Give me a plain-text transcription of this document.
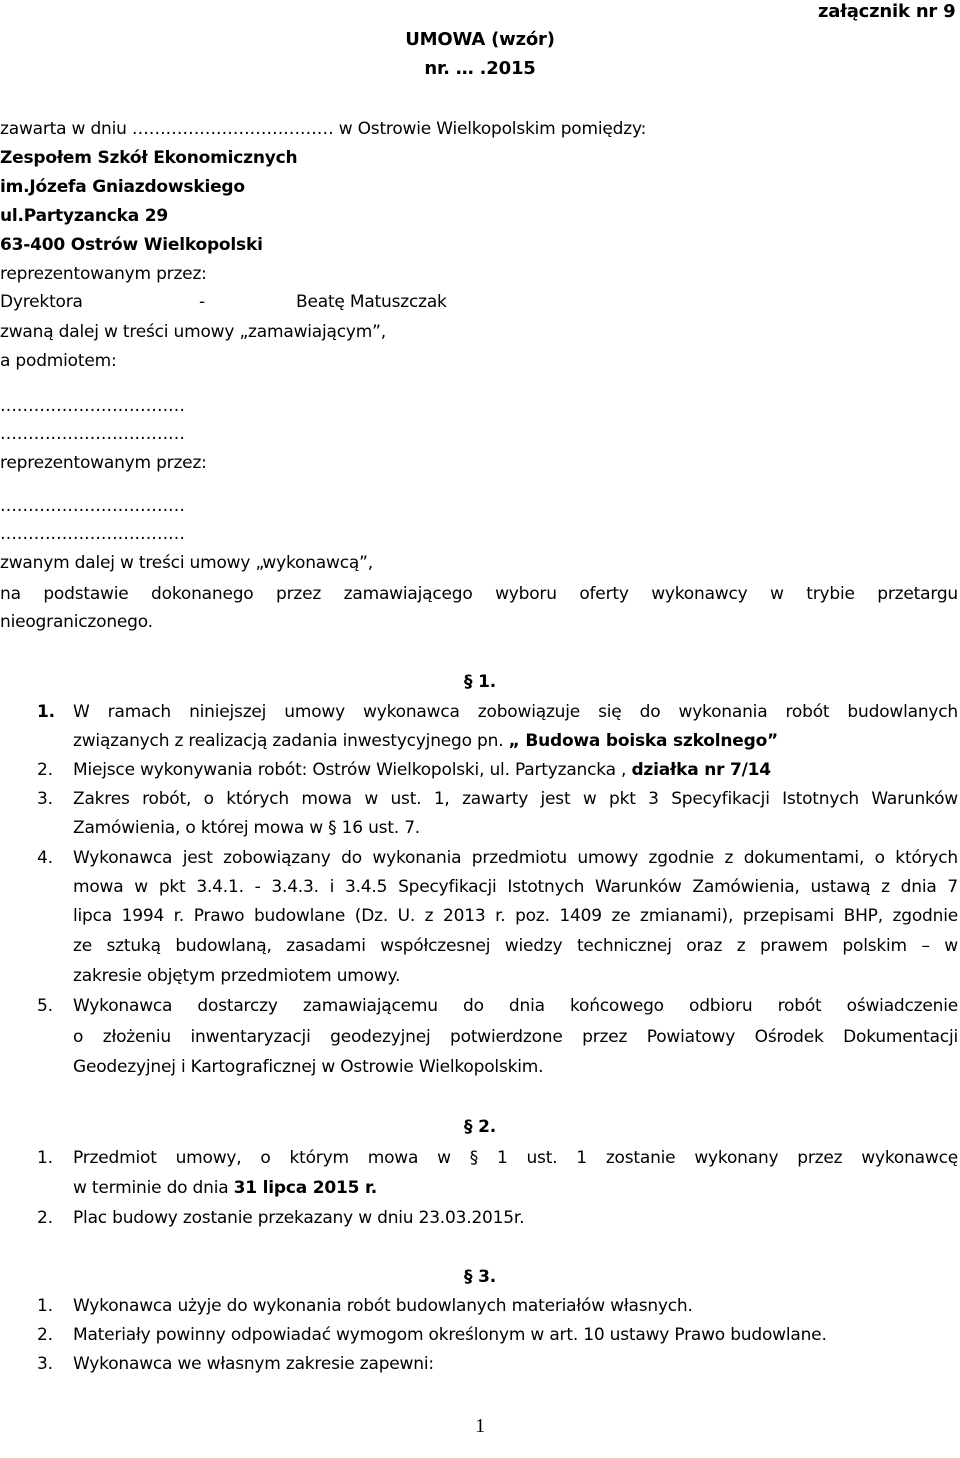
załącznik nr 9
UMOWA (wzór)
nr. … .2015
zawarta w dniu ……………………………… w Ostrowie Wielkopolskim pomiędzy:
Zespołem Szkół Ekonomicznych
im.Józefa Gniazdowskiego
ul.Partyzancka 29
63-400 Ostrów Wielkopolski
reprezentowanym przez:
Dyrektora	-	Beatę Matuszczak
zwaną dalej w treści umowy „zamawiającym”,
a podmiotem:
……………………………
……………………………
reprezentowanym przez:
……………………………
……………………………
zwanym dalej w treści umowy „wykonawcą”,
na podstawie dokonanego przez zamawiającego wyboru oferty wykonawcy w trybie przetargu
nieograniczonego.
§ 1.
1. W ramach niniejszej umowy wykonawca zobowiązuje się do wykonania robót budowlanych
związanych z realizacją zadania inwestycyjnego pn. „ Budowa boiska szkolnego”
2. Miejsce wykonywania robót: Ostrów Wielkopolski, ul. Partyzancka , działka nr 7/14
3. Zakres robót, o których mowa w ust. 1, zawarty jest w pkt 3 Specyfikacji Istotnych Warunków
Zamówienia, o której mowa w § 16 ust. 7.
4. Wykonawca jest zobowiązany do wykonania przedmiotu umowy zgodnie z dokumentami, o których
mowa w pkt 3.4.1. - 3.4.3. i 3.4.5 Specyfikacji Istotnych Warunków Zamówienia, ustawą z dnia 7
lipca 1994 r. Prawo budowlane (Dz. U. z 2013 r. poz. 1409 ze zmianami), przepisami BHP, zgodnie
ze sztuką budowlaną, zasadami współczesnej wiedzy technicznej oraz z prawem polskim – w
zakresie objętym przedmiotem umowy.
5. Wykonawca dostarczy zamawiającemu do dnia końcowego odbioru robót oświadczenie
o złożeniu inwentaryzacji geodezyjnej potwierdzone przez Powiatowy Ośrodek Dokumentacji
Geodezyjnej i Kartograficznej w Ostrowie Wielkopolskim.
§ 2.
1. Przedmiot umowy, o którym mowa w § 1 ust. 1 zostanie wykonany przez wykonawcę
w terminie do dnia 31 lipca 2015 r.
2. Plac budowy zostanie przekazany w dniu 23.03.2015r.
§ 3.
1. Wykonawca użyje do wykonania robót budowlanych materiałów własnych.
2. Materiały powinny odpowiadać wymogom określonym w art. 10 ustawy Prawo budowlane.
3. Wykonawca we własnym zakresie zapewni:
1
